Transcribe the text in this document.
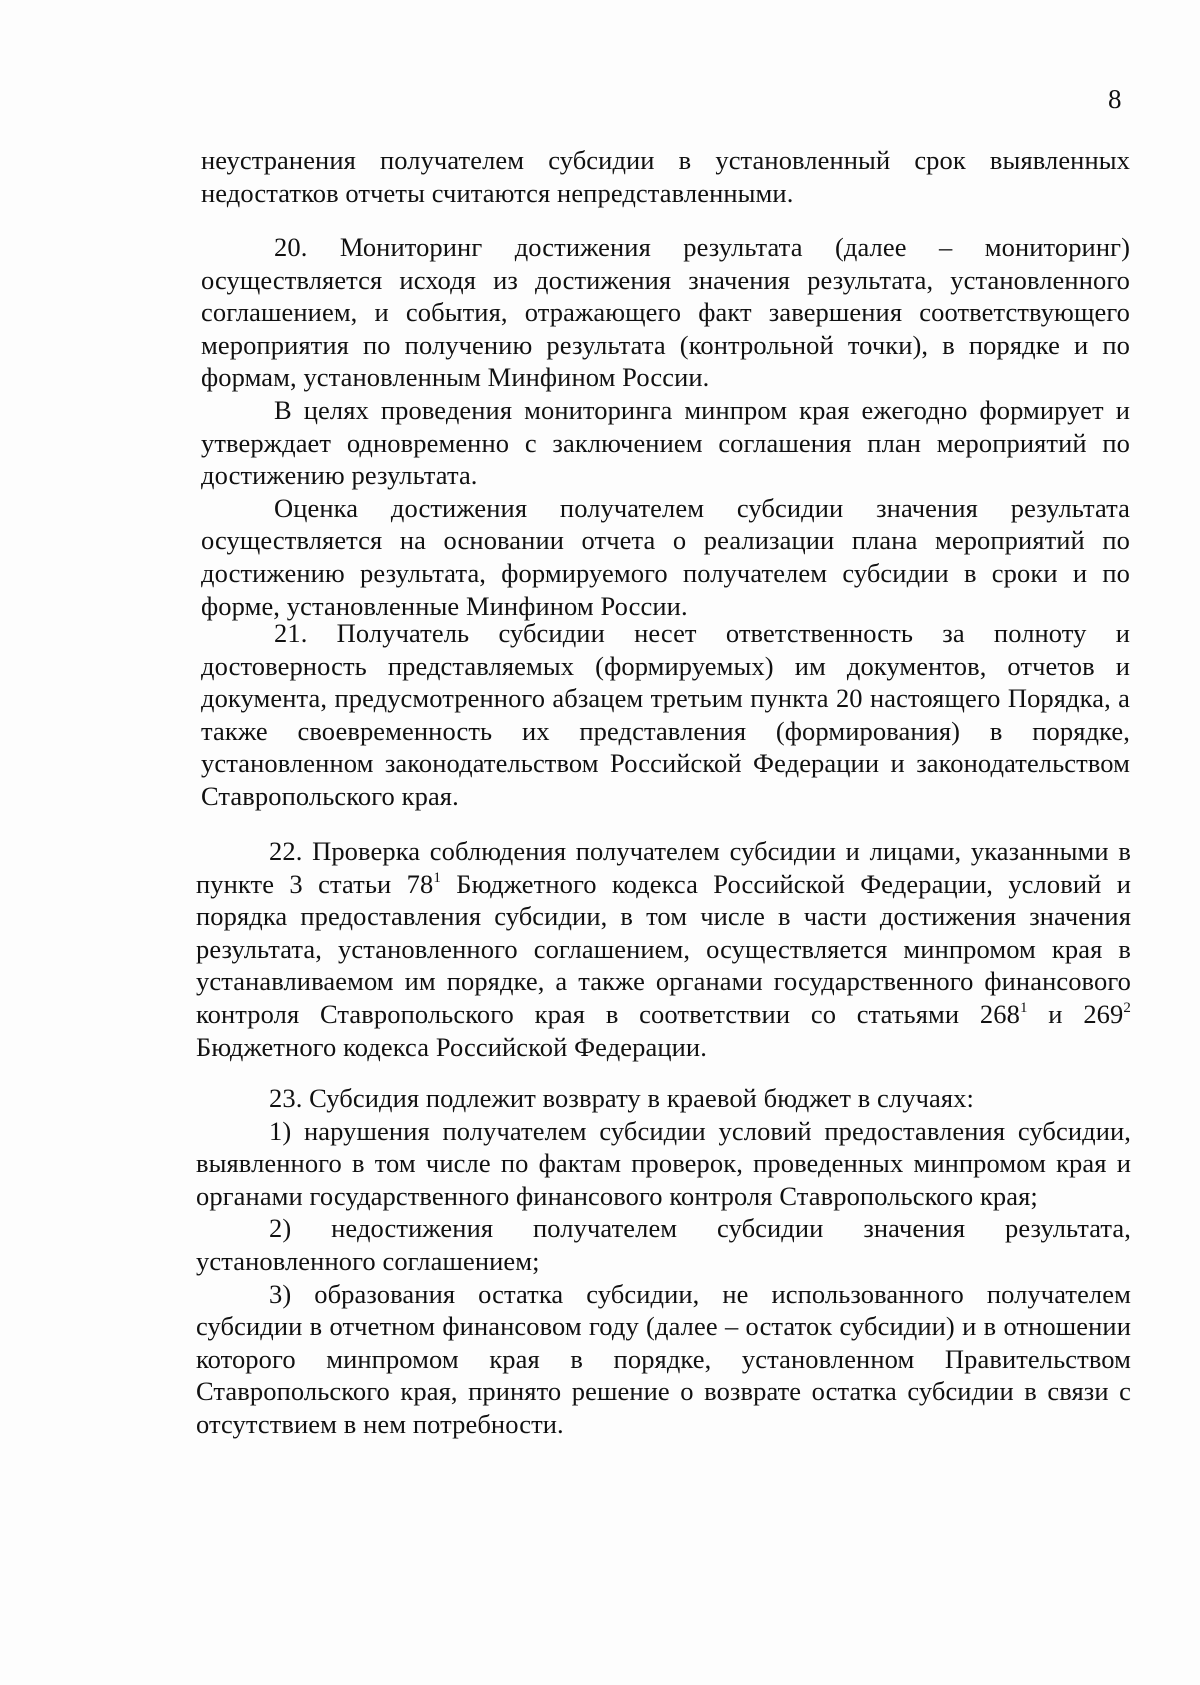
8

неустранения получателем субсидии в установленный срок выявленных недостатков отчеты считаются непредставленными.

20. Мониторинг достижения результата (далее – мониторинг) осуществляется исходя из достижения значения результата, установленного соглашением, и события, отражающего факт завершения соответствующего мероприятия по получению результата (контрольной точки), в порядке и по формам, установленным Минфином России.

В целях проведения мониторинга минпром края ежегодно формирует и утверждает одновременно с заключением соглашения план мероприятий по достижению результата.

Оценка достижения получателем субсидии значения результата осуществляется на основании отчета о реализации плана мероприятий по достижению результата, формируемого получателем субсидии в сроки и по форме, установленные Минфином России.

21. Получатель субсидии несет ответственность за полноту и достоверность представляемых (формируемых) им документов, отчетов и документа, предусмотренного абзацем третьим пункта 20 настоящего Порядка, а также своевременность их представления (формирования) в порядке, установленном законодательством Российской Федерации и законодательством Ставропольского края.

22. Проверка соблюдения получателем субсидии и лицами, указанными в пункте 3 статьи $78^1$ Бюджетного кодекса Российской Федерации, условий и порядка предоставления субсидии, в том числе в части достижения значения результата, установленного соглашением, осуществляется минпромом края в устанавливаемом им порядке, а также органами государственного финансового контроля Ставропольского края в соответствии со статьями $268^1$ и $269^2$ Бюджетного кодекса Российской Федерации.

23. Субсидия подлежит возврату в краевой бюджет в случаях:

1) нарушения получателем субсидии условий предоставления субсидии, выявленного в том числе по фактам проверок, проведенных минпромом края и органами государственного финансового контроля Ставропольского края;

2) недостижения получателем субсидии значения результата, установленного соглашением;

3) образования остатка субсидии, не использованного получателем субсидии в отчетном финансовом году (далее – остаток субсидии) и в отношении которого минпромом края в порядке, установленном Правительством Ставропольского края, принято решение о возврате остатка субсидии в связи с отсутствием в нем потребности.
